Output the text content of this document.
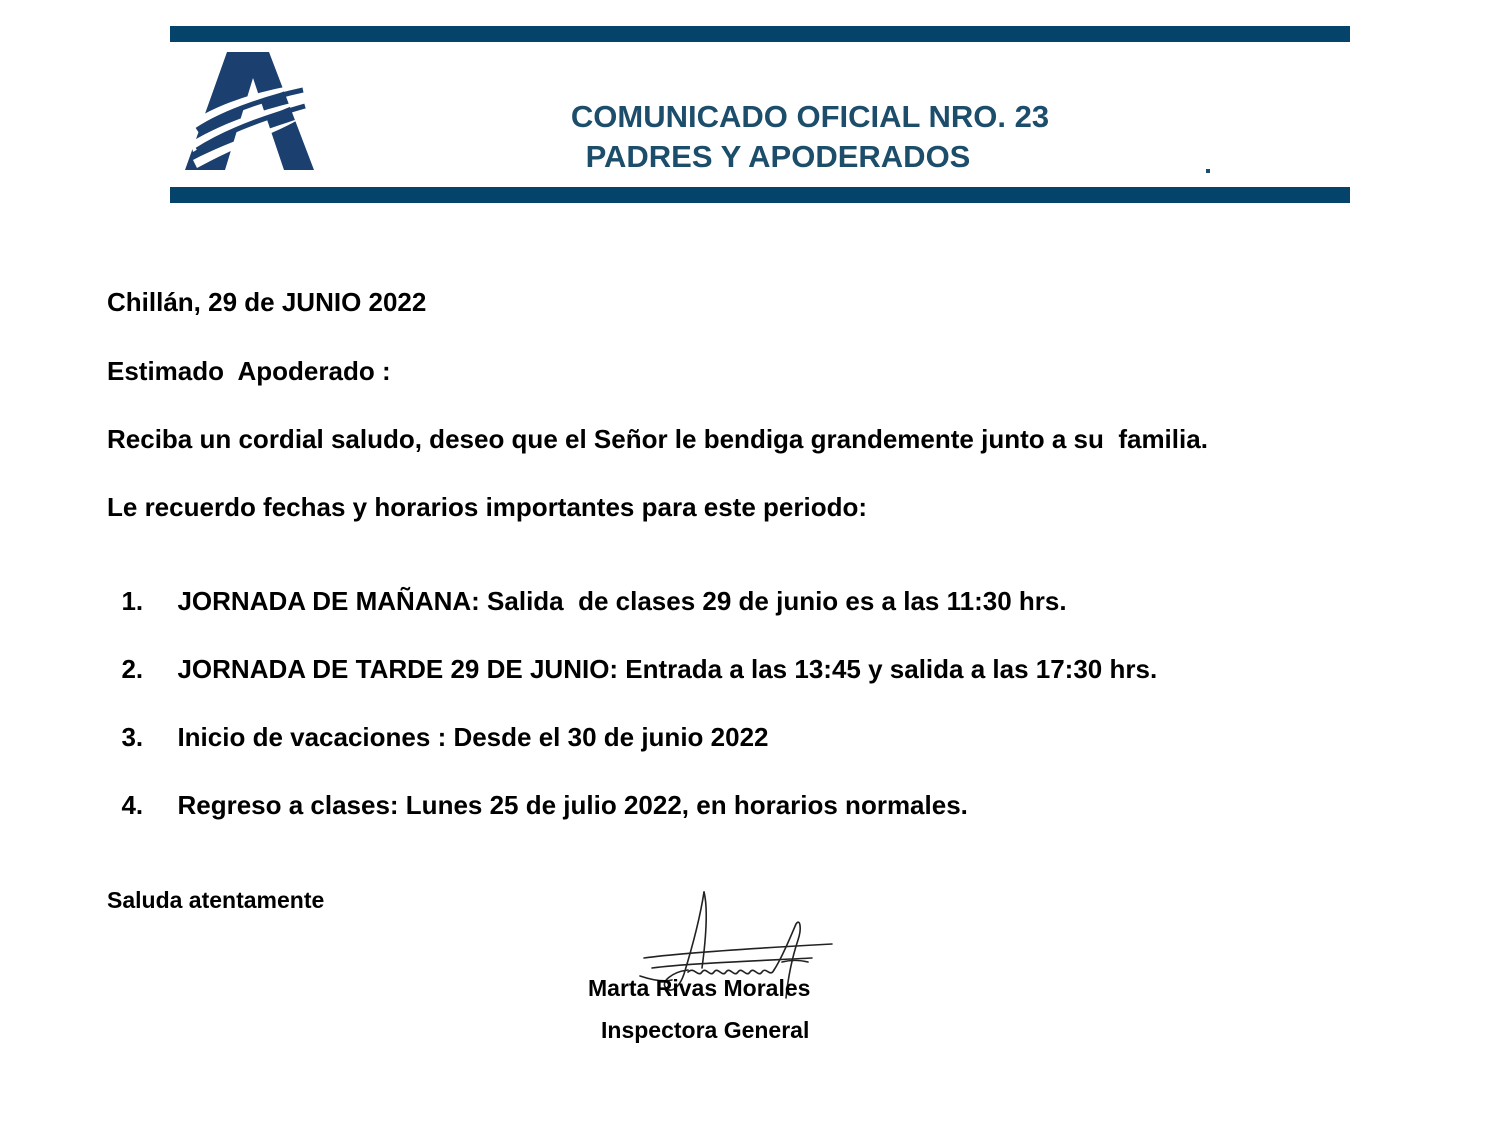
COMUNICADO OFICIAL NRO. 23
PADRES Y APODERADOS
Chillán, 29 de JUNIO 2022
Estimado  Apoderado :
Reciba un cordial saludo, deseo que el Señor le bendiga grandemente junto a su  familia.
Le recuerdo fechas y horarios importantes para este periodo:

1. JORNADA DE MAÑANA: Salida  de clases 29 de junio es a las 11:30 hrs.

2. JORNADA DE TARDE 29 DE JUNIO: Entrada a las 13:45 y salida a las 17:30 hrs.

3. Inicio de vacaciones : Desde el 30 de junio 2022

4. Regreso a clases: Lunes 25 de julio 2022, en horarios normales.

Saluda atentamente
Marta Rivas Morales
Inspectora General
